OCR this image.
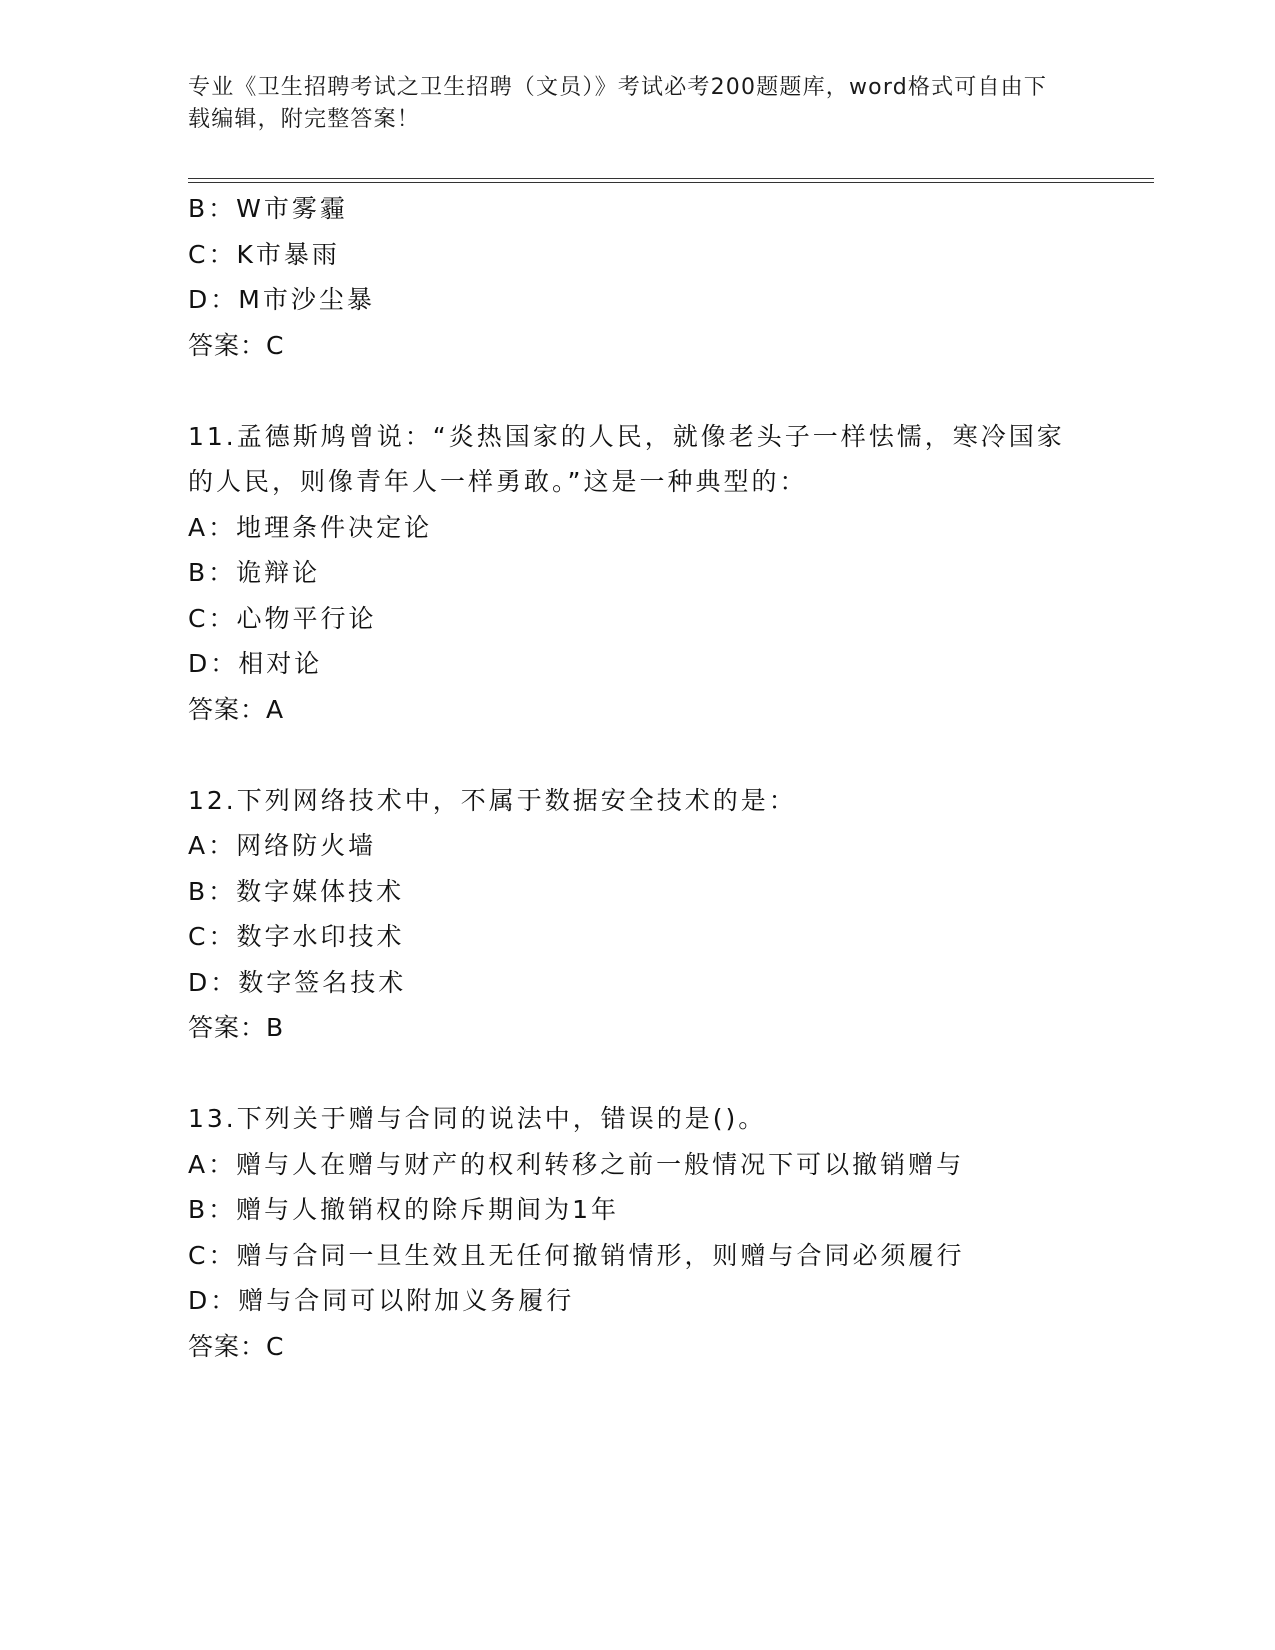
专业《卫生招聘考试之卫生招聘（文员）》考试必考200题题库，word格式可自由下载编辑，附完整答案！
B：W市雾霾
C：K市暴雨
D：M市沙尘暴
答案：C
11.孟德斯鸠曾说：“炎热国家的人民，就像老头子一样怯懦，寒冷国家的人民，则像青年人一样勇敢。”这是一种典型的：
A：地理条件决定论
B：诡辩论
C：心物平行论
D：相对论
答案：A
12.下列网络技术中，不属于数据安全技术的是：
A：网络防火墙
B：数字媒体技术
C：数字水印技术
D：数字签名技术
答案：B
13.下列关于赠与合同的说法中，错误的是()。
A：赠与人在赠与财产的权利转移之前一般情况下可以撤销赠与
B：赠与人撤销权的除斥期间为1年
C：赠与合同一旦生效且无任何撤销情形，则赠与合同必须履行
D：赠与合同可以附加义务履行
答案：C
